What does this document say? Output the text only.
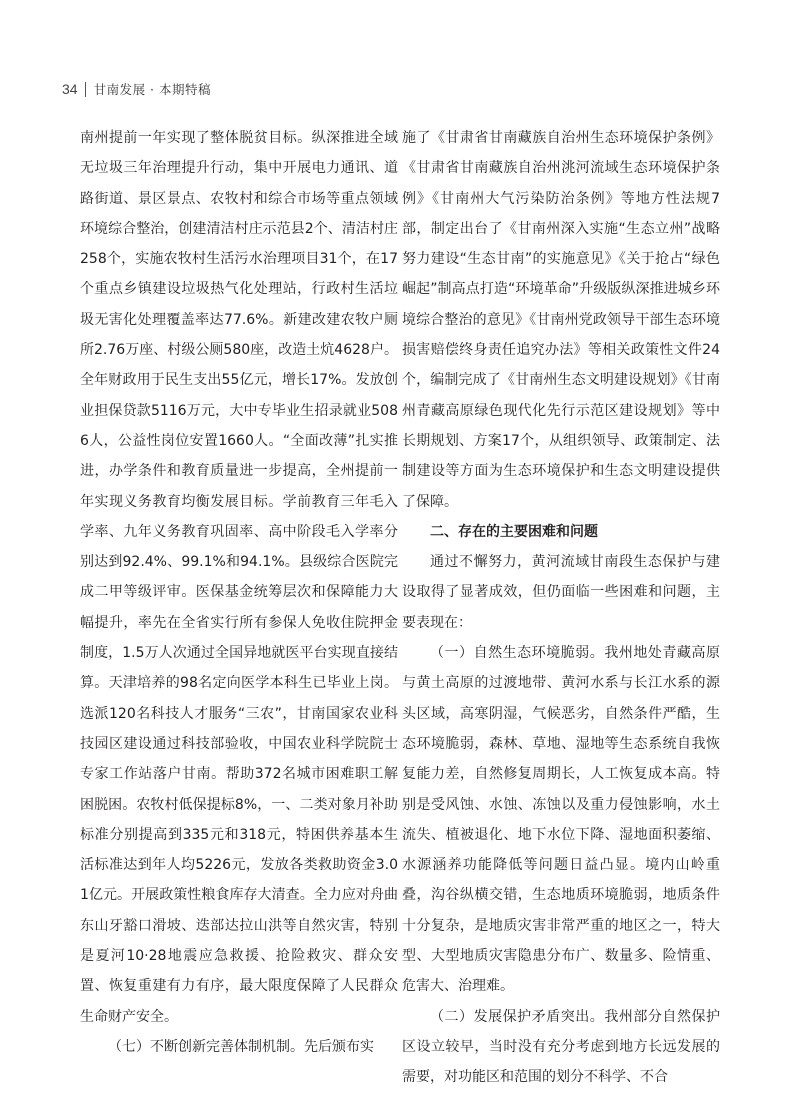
34 甘南发展 · 本期特稿

南州提前一年实现了整体脱贫目标。纵深推进全域无垃圾三年治理提升行动，集中开展电力通讯、道路街道、景区景点、农牧村和综合市场等重点领域环境综合整治，创建清洁村庄示范县2个、清洁村庄258个，实施农牧村生活污水治理项目31个，在17个重点乡镇建设垃圾热气化处理站，行政村生活垃圾无害化处理覆盖率达77.6%。新建改建农牧户厕所2.76万座、村级公厕580座，改造土炕4628户。全年财政用于民生支出55亿元，增长17%。发放创业担保贷款5116万元，大中专毕业生招录就业5086人，公益性岗位安置1660人。“全面改薄”扎实推进，办学条件和教育质量进一步提高，全州提前一年实现义务教育均衡发展目标。学前教育三年毛入学率、九年义务教育巩固率、高中阶段毛入学率分别达到92.4%、99.1%和94.1%。县级综合医院完成二甲等级评审。医保基金统筹层次和保障能力大幅提升，率先在全省实行所有参保人免收住院押金制度，1.5万人次通过全国异地就医平台实现直接结算。天津培养的98名定向医学本科生已毕业上岗。选派120名科技人才服务“三农”，甘南国家农业科技园区建设通过科技部验收，中国农业科学院院士专家工作站落户甘南。帮助372名城市困难职工解困脱困。农牧村低保提标8%，一、二类对象月补助标准分别提高到335元和318元，特困供养基本生活标准达到年人均5226元，发放各类救助资金3.01亿元。开展政策性粮食库存大清查。全力应对舟曲东山牙豁口滑坡、迭部达拉山洪等自然灾害，特别是夏河10·28地震应急救援、抢险救灾、群众安置、恢复重建有力有序，最大限度保障了人民群众生命财产安全。

（七）不断创新完善体制机制。先后颁布实

施了《甘肃省甘南藏族自治州生态环境保护条例》《甘肃省甘南藏族自治州洮河流域生态环境保护条例》《甘南州大气污染防治条例》等地方性法规7部，制定出台了《甘南州深入实施“生态立州”战略努力建设“生态甘南”的实施意见》《关于抢占“绿色崛起”制高点打造“环境革命”升级版纵深推进城乡环境综合整治的意见》《甘南州党政领导干部生态环境损害赔偿终身责任追究办法》等相关政策性文件24个，编制完成了《甘南州生态文明建设规划》《甘南州青藏高原绿色现代化先行示范区建设规划》等中长期规划、方案17个，从组织领导、政策制定、法制建设等方面为生态环境保护和生态文明建设提供了保障。

二、存在的主要困难和问题

通过不懈努力，黄河流域甘南段生态保护与建设取得了显著成效，但仍面临一些困难和问题，主要表现在：

（一）自然生态环境脆弱。我州地处青藏高原与黄土高原的过渡地带、黄河水系与长江水系的源头区域，高寒阴湿，气候恶劣，自然条件严酷，生态环境脆弱，森林、草地、湿地等生态系统自我恢复能力差，自然修复周期长，人工恢复成本高。特别是受风蚀、水蚀、冻蚀以及重力侵蚀影响，水土流失、植被退化、地下水位下降、湿地面积萎缩、水源涵养功能降低等问题日益凸显。境内山岭重叠，沟谷纵横交错，生态地质环境脆弱，地质条件十分复杂，是地质灾害非常严重的地区之一，特大型、大型地质灾害隐患分布广、数量多、险情重、危害大、治理难。

（二）发展保护矛盾突出。我州部分自然保护区设立较早，当时没有充分考虑到地方长远发展的需要，对功能区和范围的划分不科学、不合
